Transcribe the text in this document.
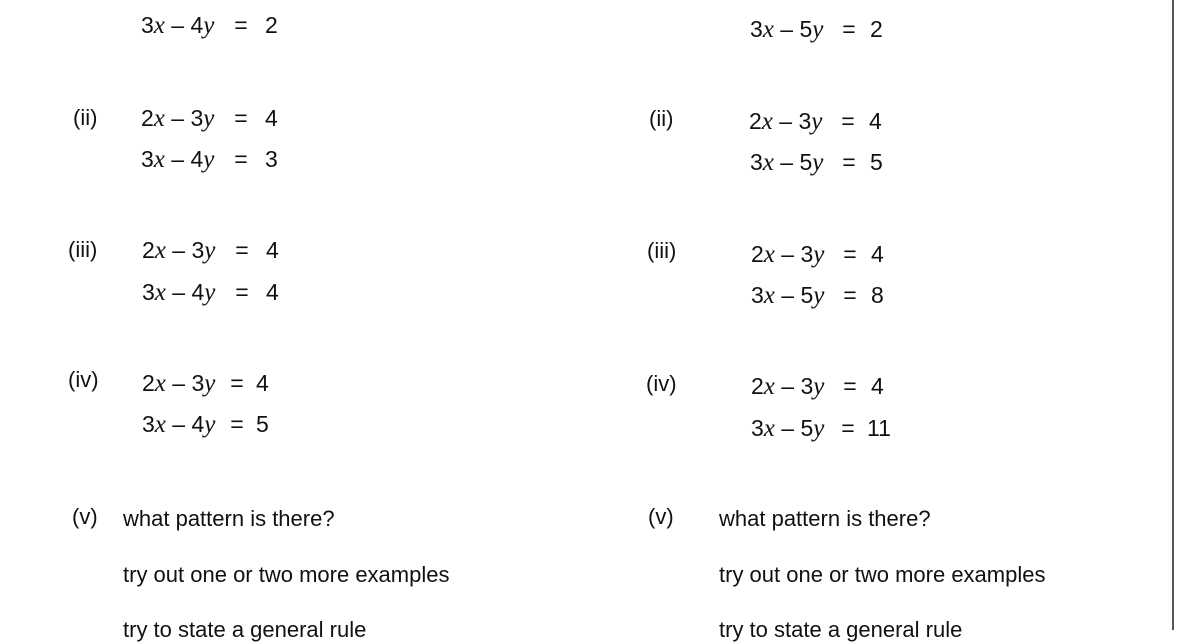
3x – 4y = 2
(ii) 2x – 3y = 4
3x – 4y = 3
(iii) 2x – 3y = 4
3x – 4y = 4
(iv) 2x – 3y = 4
3x – 4y = 5
(v) what pattern is there?
try out one or two more examples
try to state a general rule
3x – 5y = 2
(ii)	2x – 3y = 4
3x – 5y = 5
(iii)	2x – 3y = 4
3x – 5y = 8
(iv)	2x – 3y = 4
3x – 5y = 11
(v) what pattern is there?
try out one or two more examples
try to state a general rule
